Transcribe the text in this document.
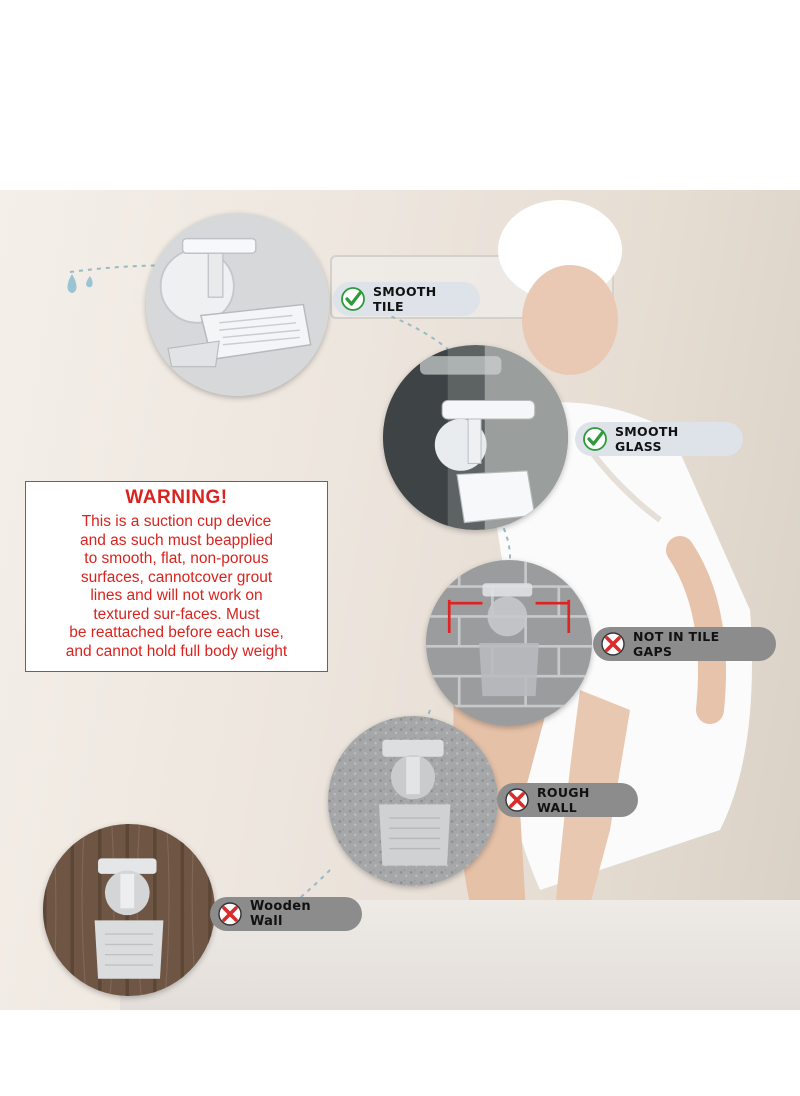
SMOOTH TILE
SMOOTH GLASS
NOT IN TILE GAPS
ROUGH WALL
Wooden Wall
WARNING!

This is a suction cup device
and as such must beapplied
to smooth, flat, non-porous
surfaces, cannotcover grout
lines and will not work on
textured sur-faces. Must
be reattached before each use,
and cannot hold full body weight
